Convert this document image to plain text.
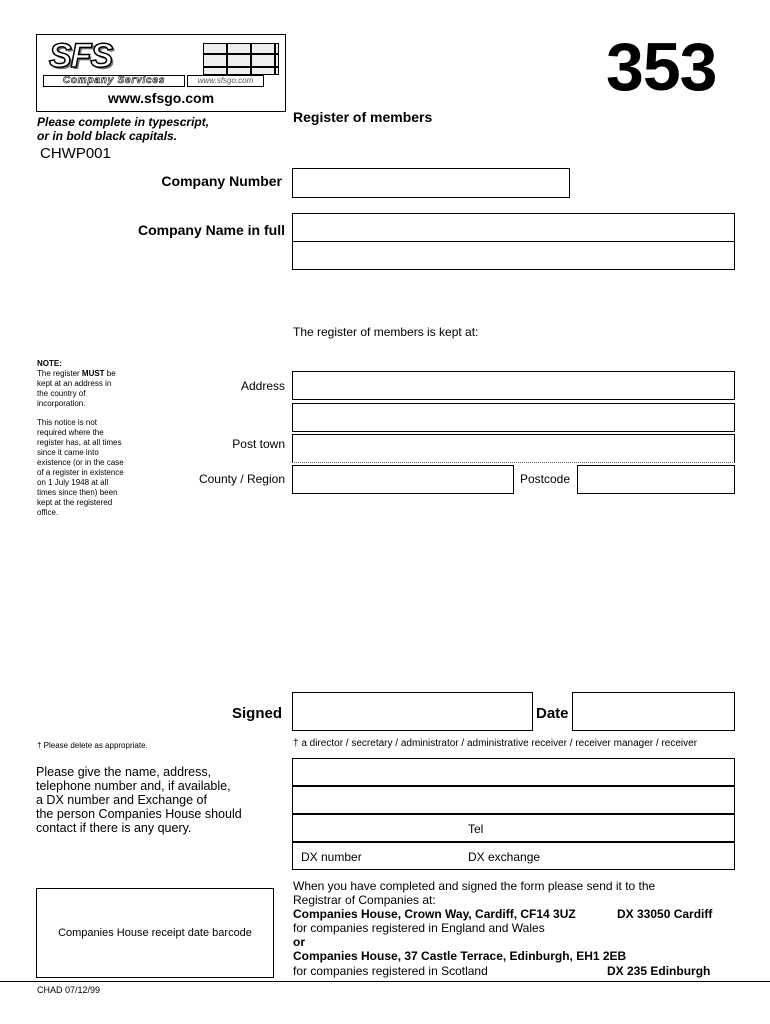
SFS
Company Services	www.sfsgo.com
www.sfsgo.com	353
Please complete in typescript,
or in bold black capitals.
CHWP001
Register of members
Company Number
Company Name in full
The register of members is kept at:
NOTE:
The register MUST be
kept at an address in
the country of
incorporation.
This notice is not
required where the
register has, at all times
since it came into
existence (or in the case
of a register in existence
on 1 July 1948 at all
times since then) been
kept at the registered
office.
Address
Post town
County / Region	Postcode
Signed	Date
† Please delete as appropriate.	† a director / secretary / administrator / administrative receiver / receiver manager / receiver
Please give the name, address,
telephone number and, if available,
a DX number and Exchange of
the person Companies House should
contact if there is any query.	Tel
DX number	DX exchange
Companies House receipt date barcode
When you have completed and signed the form please send it to the
Registrar of Companies at:
Companies House, Crown Way, Cardiff, CF14 3UZ	DX 33050 Cardiff
for companies registered in England and Wales
or
Companies House, 37 Castle Terrace, Edinburgh, EH1 2EB
for companies registered in Scotland	DX 235 Edinburgh
CHAD 07/12/99
